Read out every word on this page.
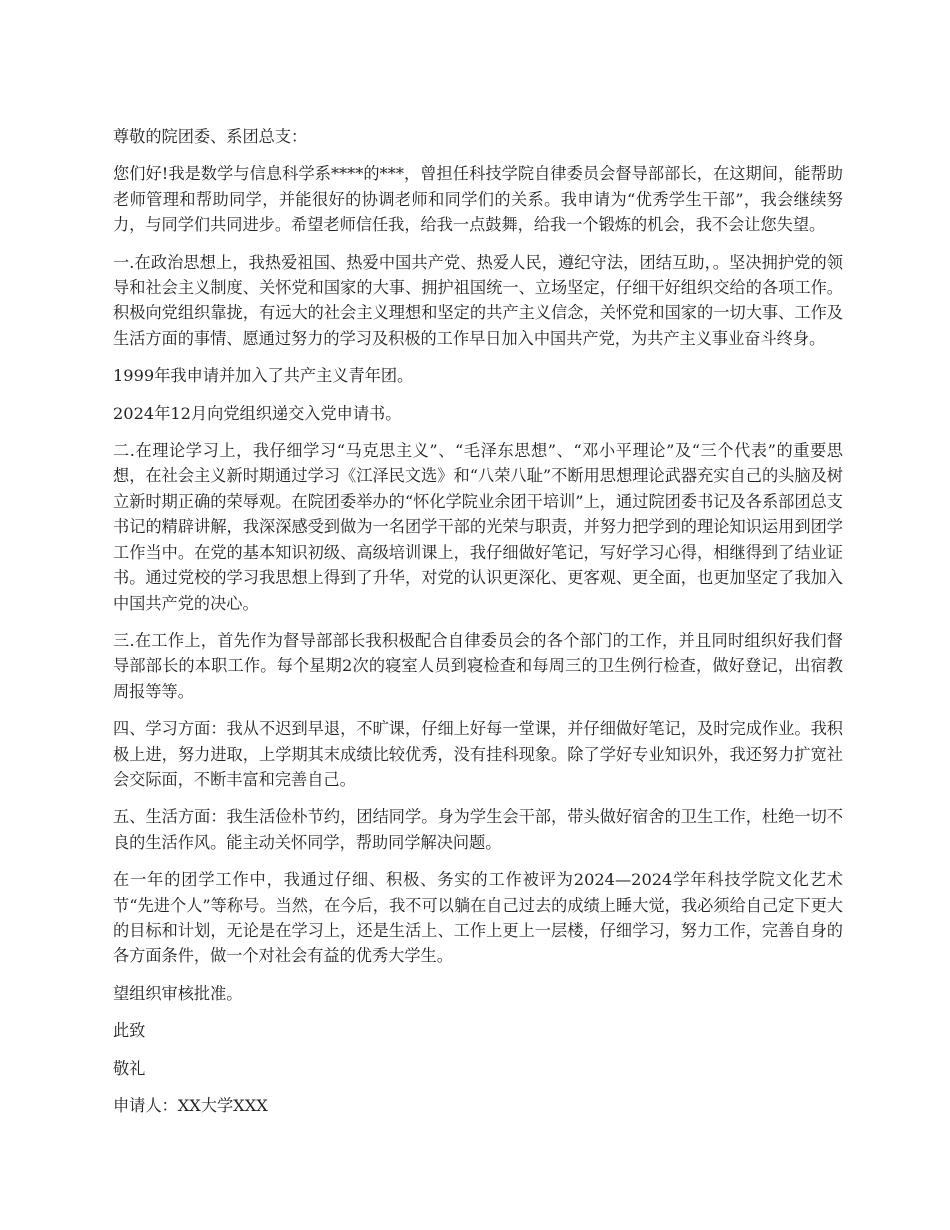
尊敬的院团委、系团总支：

您们好!我是数学与信息科学系****的***，曾担任科技学院自律委员会督导部部长，在这期间，能帮助老师管理和帮助同学，并能很好的协调老师和同学们的关系。我申请为“优秀学生干部”，我会继续努力，与同学们共同进步。希望老师信任我，给我一点鼓舞，给我一个锻炼的机会，我不会让您失望。

一.在政治思想上，我热爱祖国、热爱中国共产党、热爱人民，遵纪守法，团结互助，。坚决拥护党的领导和社会主义制度、关怀党和国家的大事、拥护祖国统一、立场坚定，仔细干好组织交给的各项工作。积极向党组织靠拢，有远大的社会主义理想和坚定的共产主义信念，关怀党和国家的一切大事、工作及生活方面的事情、愿通过努力的学习及积极的工作早日加入中国共产党，为共产主义事业奋斗终身。

1999年我申请并加入了共产主义青年团。

2024年12月向党组织递交入党申请书。

二.在理论学习上，我仔细学习“马克思主义”、“毛泽东思想”、“邓小平理论”及“三个代表”的重要思想，在社会主义新时期通过学习《江泽民文选》和“八荣八耻”不断用思想理论武器充实自己的头脑及树立新时期正确的荣辱观。在院团委举办的“怀化学院业余团干培训”上，通过院团委书记及各系部团总支书记的精辟讲解，我深深感受到做为一名团学干部的光荣与职责，并努力把学到的理论知识运用到团学工作当中。在党的基本知识初级、高级培训课上，我仔细做好笔记，写好学习心得，相继得到了结业证书。通过党校的学习我思想上得到了升华，对党的认识更深化、更客观、更全面，也更加坚定了我加入中国共产党的决心。

三.在工作上，首先作为督导部部长我积极配合自律委员会的各个部门的工作，并且同时组织好我们督导部部长的本职工作。每个星期2次的寝室人员到寝检查和每周三的卫生例行检查，做好登记，出宿教周报等等。

四、学习方面：我从不迟到早退，不旷课，仔细上好每一堂课，并仔细做好笔记，及时完成作业。我积极上进，努力进取，上学期其末成绩比较优秀，没有挂科现象。除了学好专业知识外，我还努力扩宽社会交际面，不断丰富和完善自己。

五、生活方面：我生活俭朴节约，团结同学。身为学生会干部，带头做好宿舍的卫生工作，杜绝一切不良的生活作风。能主动关怀同学，帮助同学解决问题。

在一年的团学工作中，我通过仔细、积极、务实的工作被评为2024—2024学年科技学院文化艺术节“先进个人”等称号。当然，在今后，我不可以躺在自己过去的成绩上睡大觉，我必须给自己定下更大的目标和计划，无论是在学习上，还是生活上、工作上更上一层楼，仔细学习，努力工作，完善自身的各方面条件，做一个对社会有益的优秀大学生。

望组织审核批准。

此致

敬礼

申请人：XX大学XXX
